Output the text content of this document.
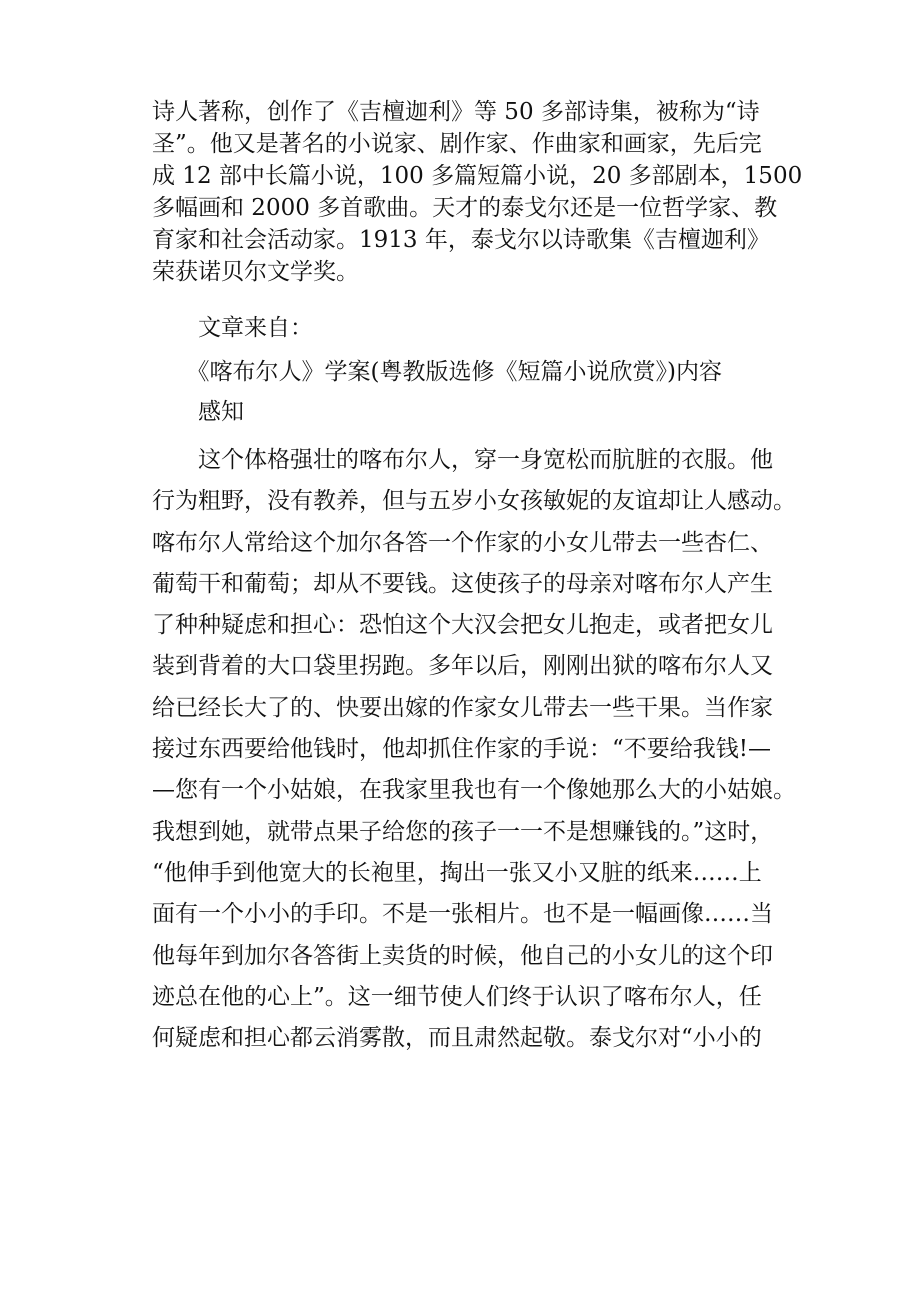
诗人著称，创作了《吉檀迦利》等 50 多部诗集，被称为“诗
圣”。他又是著名的小说家、剧作家、作曲家和画家，先后完
成 12 部中长篇小说，100 多篇短篇小说，20 多部剧本，1500
多幅画和 2000 多首歌曲。天才的泰戈尔还是一位哲学家、教
育家和社会活动家。1913 年，泰戈尔以诗歌集《吉檀迦利》
荣获诺贝尔文学奖。

　　文章来自：

　　《喀布尔人》学案(粤教版选修《短篇小说欣赏》)内容
　　感知

　　这个体格强壮的喀布尔人，穿一身宽松而肮脏的衣服。他
行为粗野，没有教养，但与五岁小女孩敏妮的友谊却让人感动。
喀布尔人常给这个加尔各答一个作家的小女儿带去一些杏仁、
葡萄干和葡萄；却从不要钱。这使孩子的母亲对喀布尔人产生
了种种疑虑和担心：恐怕这个大汉会把女儿抱走，或者把女儿
装到背着的大口袋里拐跑。多年以后，刚刚出狱的喀布尔人又
给已经长大了的、快要出嫁的作家女儿带去一些干果。当作家
接过东西要给他钱时，他却抓住作家的手说：“不要给我钱!—
—您有一个小姑娘，在我家里我也有一个像她那么大的小姑娘。
我想到她，就带点果子给您的孩子一一不是想赚钱的。”这时，
“他伸手到他宽大的长袍里，掏出一张又小又脏的纸来……上
面有一个小小的手印。不是一张相片。也不是一幅画像……当
他每年到加尔各答街上卖货的时候，他自己的小女儿的这个印
迹总在他的心上”。这一细节使人们终于认识了喀布尔人，任
何疑虑和担心都云消雾散，而且肃然起敬。泰戈尔对“小小的
